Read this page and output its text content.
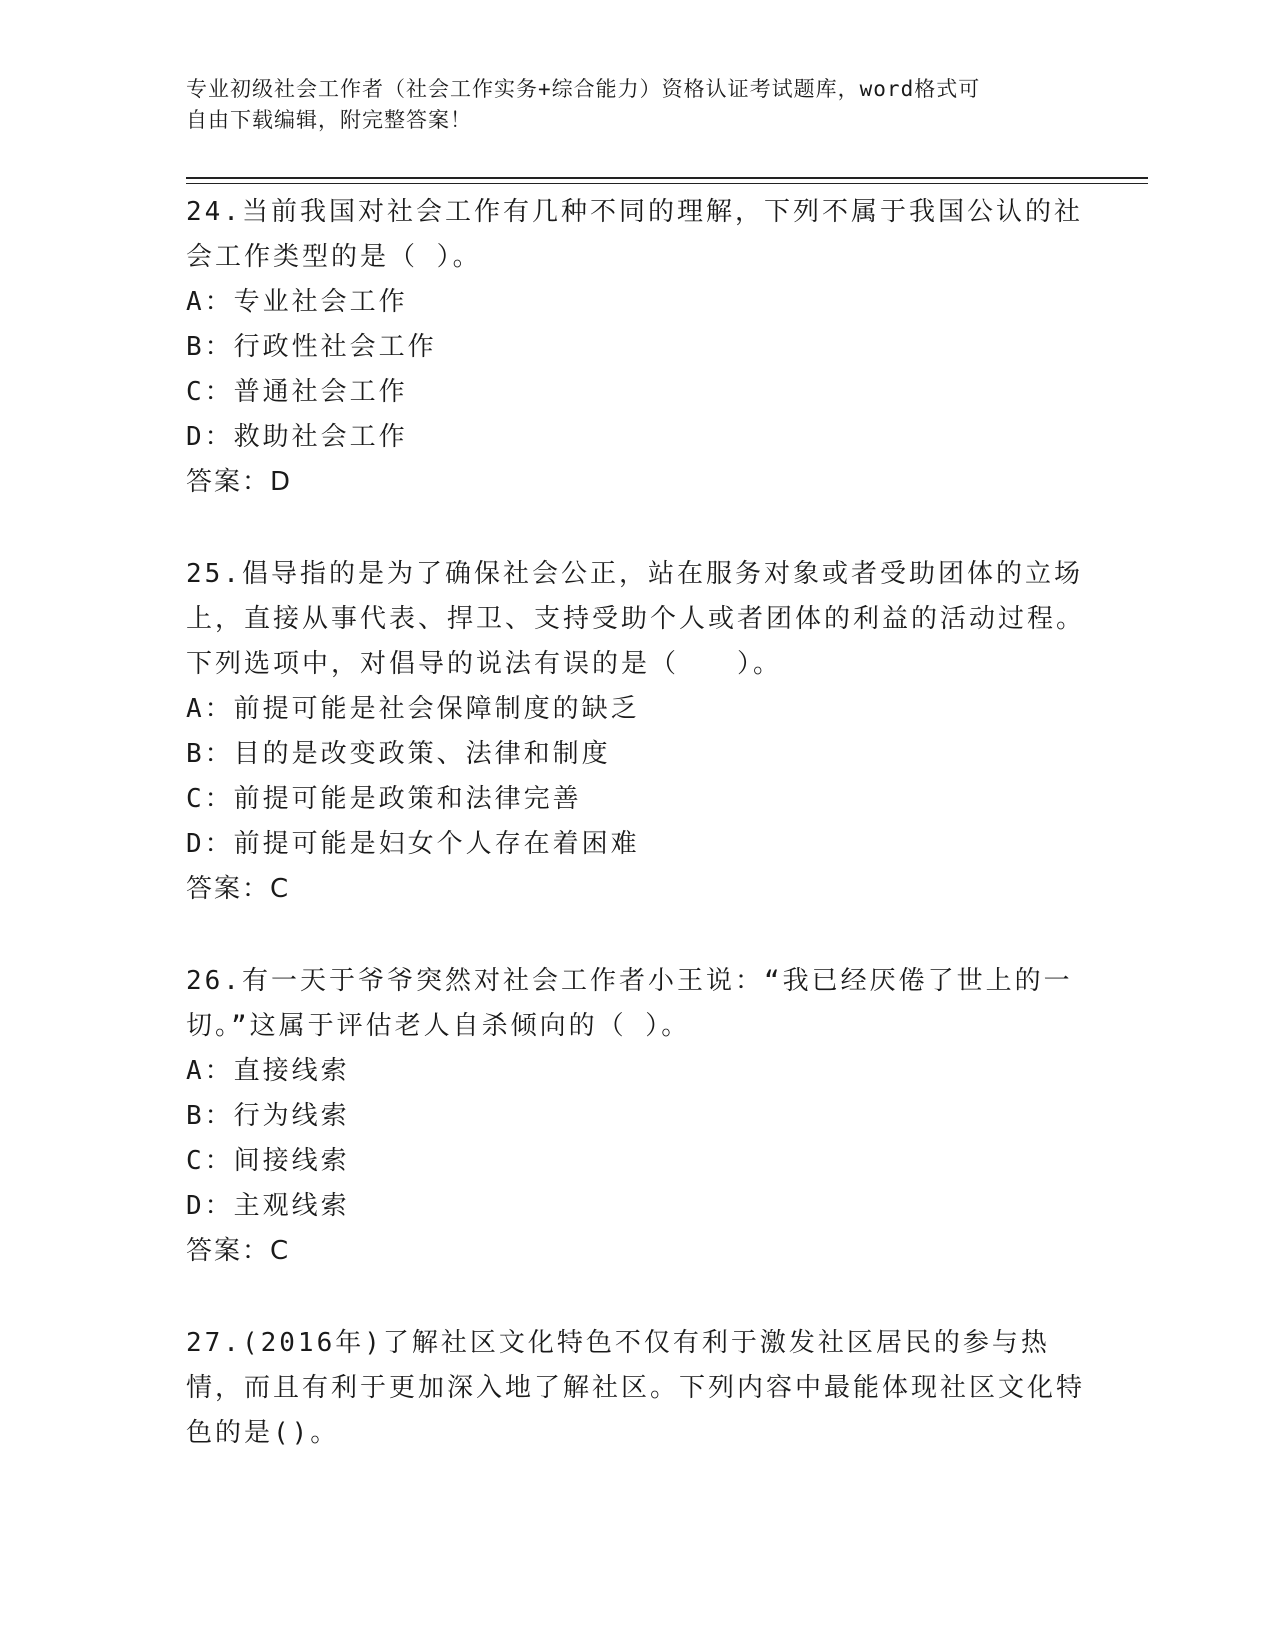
专业初级社会工作者（社会工作实务+综合能力）资格认证考试题库，word格式可
自由下载编辑，附完整答案！
24.当前我国对社会工作有几种不同的理解，下列不属于我国公认的社会工作类型的是（ ）。
A：专业社会工作
B：行政性社会工作
C：普通社会工作
D：救助社会工作
答案：D
25.倡导指的是为了确保社会公正，站在服务对象或者受助团体的立场上，直接从事代表、捍卫、支持受助个人或者团体的利益的活动过程。下列选项中，对倡导的说法有误的是（　　）。
A：前提可能是社会保障制度的缺乏
B：目的是改变政策、法律和制度
C：前提可能是政策和法律完善
D：前提可能是妇女个人存在着困难
答案：C
26.有一天于爷爷突然对社会工作者小王说：“我已经厌倦了世上的一切。”这属于评估老人自杀倾向的（ ）。
A：直接线索
B：行为线索
C：间接线索
D：主观线索
答案：C
27.(2016年)了解社区文化特色不仅有利于激发社区居民的参与热情，而且有利于更加深入地了解社区。下列内容中最能体现社区文化特色的是()。
